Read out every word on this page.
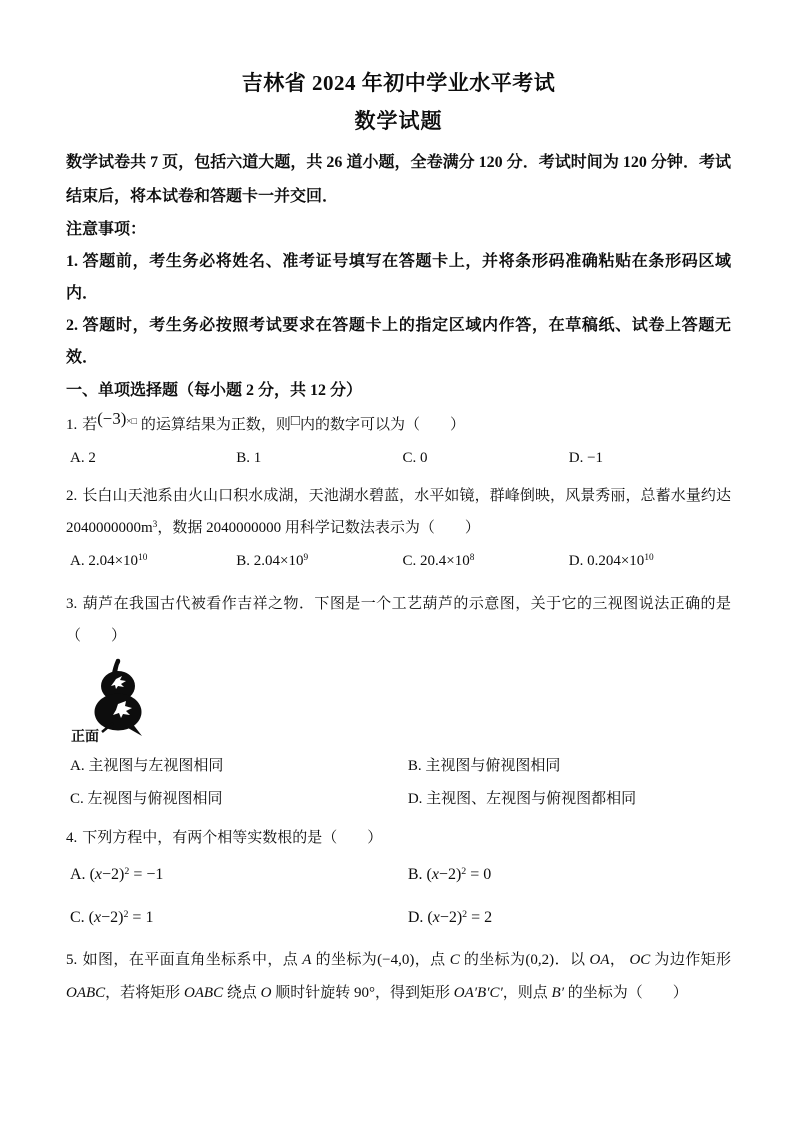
吉林省 2024 年初中学业水平考试
数学试题

数学试卷共 7 页，包括六道大题，共 26 道小题，全卷满分 120 分．考试时间为 120 分钟．考试结束后，将本试卷和答题卡一并交回．

注意事项：

1. 答题前，考生务必将姓名、准考证号填写在答题卡上，并将条形码准确粘贴在条形码区域内．

2. 答题时，考生务必按照考试要求在答题卡上的指定区域内作答，在草稿纸、试卷上答题无效．

一、单项选择题（每小题 2 分，共 12 分）

1. 若(−3)×□ 的运算结果为正数，则□内的数字可以为（　　）

A. 2	B. 1	C. 0	D. −1

2. 长白山天池系由火山口积水成湖，天池湖水碧蓝，水平如镜，群峰倒映，风景秀丽，总蓄水量约达 $2040000000m^3$，数据 2040000000 用科学记数法表示为（　　）

A. $2.04\times 10^{10}$	B. $2.04\times 10^9$	C. $20.4\times 10^8$	D. $0.204\times 10^{10}$

3. 葫芦在我国古代被看作吉祥之物．下图是一个工艺葫芦的示意图，关于它的三视图说法正确的是（　　）

正面
A. 主视图与左视图相同	B. 主视图与俯视图相同
C. 左视图与俯视图相同	D. 主视图、左视图与俯视图都相同

4. 下列方程中，有两个相等实数根的是（　　）

A. $(x-2)^2 = -1$	B. $(x-2)^2 = 0$
C. $(x-2)^2 = 1$	D. $(x-2)^2 = 2$

5. 如图，在平面直角坐标系中，点 A 的坐标为(−4,0)，点 C 的坐标为(0,2)．以 OA， OC 为边作矩形 OABC，若将矩形 OABC 绕点 O 顺时针旋转 90°，得到矩形 OA′B′C′，则点 B′ 的坐标为（　　）
